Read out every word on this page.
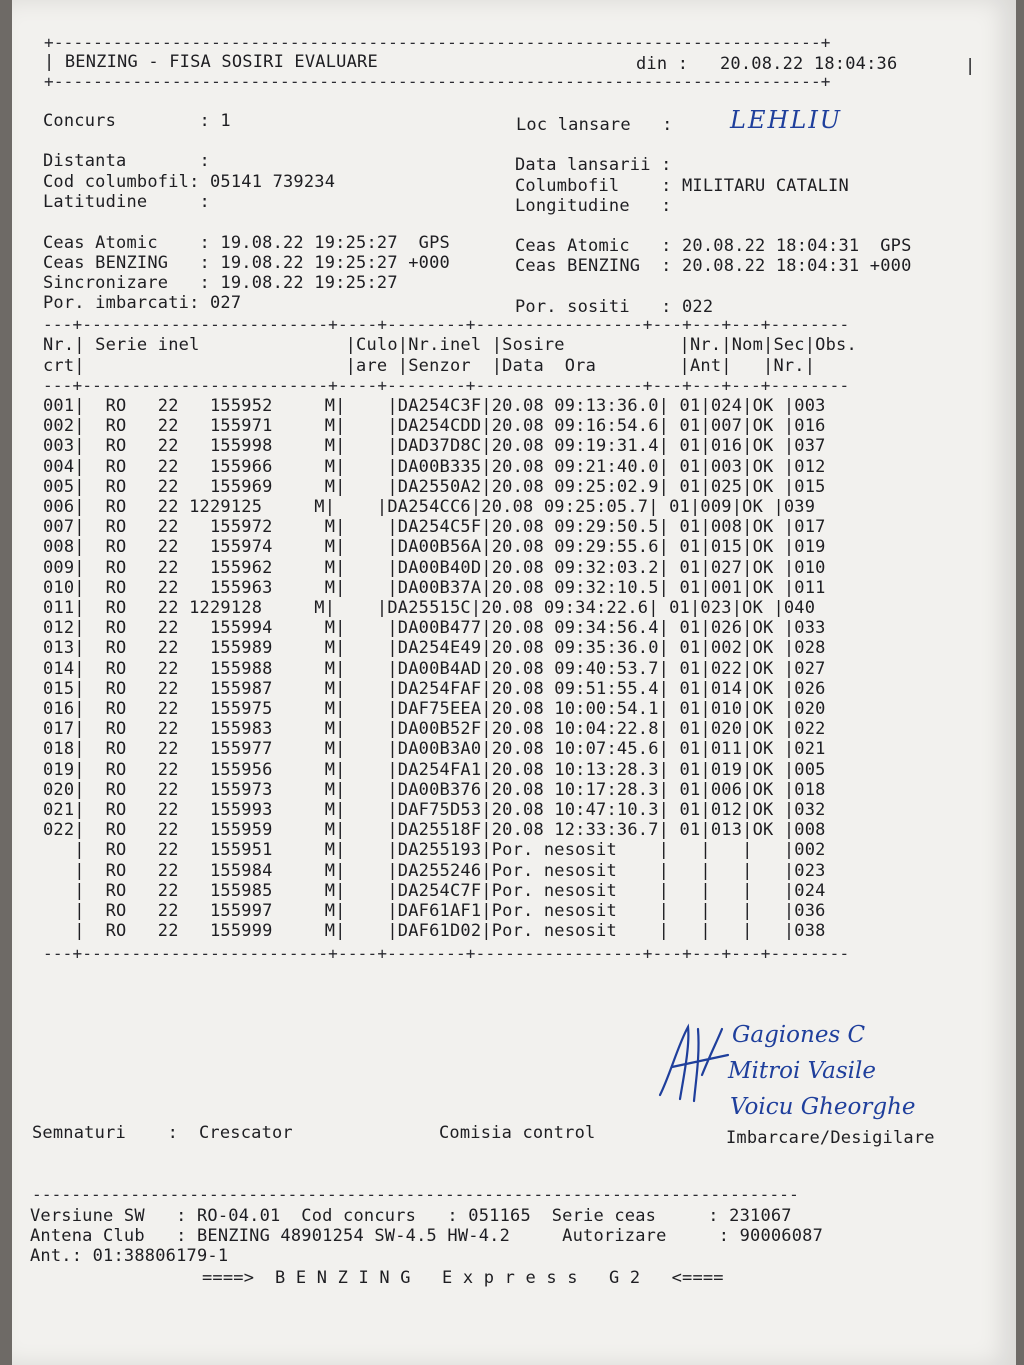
+------------------------------------------------------------------------------+
| BENZING - FISA SOSIRI EVALUARE	din : 20.08.22 18:04:36	|
+------------------------------------------------------------------------------+
Concurs        : 1	Loc lansare   : LEHLIU
Distanta       :	Data lansarii :
Cod columbofil: 05141 739234	Columbofil    : MILITARU CATALIN
Latitudine     :	Longitudine   :
Ceas Atomic    : 19.08.22 19:25:27  GPS	Ceas Atomic   : 20.08.22 18:04:31  GPS
Ceas BENZING   : 19.08.22 19:25:27 +000	Ceas BENZING  : 20.08.22 18:04:31 +000
Sincronizare   : 19.08.22 19:25:27
Por. imbarcati: 027	Por. sositi   : 022
---+-------------------------+----+--------+-----------------+---+---+---+--------
Nr.| Serie inel              |Culo|Nr.inel |Sosire           |Nr.|Nom|Sec|Obs.
crt|                         |are |Senzor  |Data  Ora        |Ant|   |Nr.|
---+-------------------------+----+--------+-----------------+---+---+---+--------
001|  RO   22   155952     M|    |DA254C3F|20.08 09:13:36.0| 01|024|OK |003
002|  RO   22   155971     M|    |DA254CDD|20.08 09:16:54.6| 01|007|OK |016
003|  RO   22   155998     M|    |DAD37D8C|20.08 09:19:31.4| 01|016|OK |037
004|  RO   22   155966     M|    |DA00B335|20.08 09:21:40.0| 01|003|OK |012
005|  RO   22   155969     M|    |DA2550A2|20.08 09:25:02.9| 01|025|OK |015
006|  RO   22 1229125     M|    |DA254CC6|20.08 09:25:05.7| 01|009|OK |039
007|  RO   22   155972     M|    |DA254C5F|20.08 09:29:50.5| 01|008|OK |017
008|  RO   22   155974     M|    |DA00B56A|20.08 09:29:55.6| 01|015|OK |019
009|  RO   22   155962     M|    |DA00B40D|20.08 09:32:03.2| 01|027|OK |010
010|  RO   22   155963     M|    |DA00B37A|20.08 09:32:10.5| 01|001|OK |011
011|  RO   22 1229128     M|    |DA25515C|20.08 09:34:22.6| 01|023|OK |040
012|  RO   22   155994     M|    |DA00B477|20.08 09:34:56.4| 01|026|OK |033
013|  RO   22   155989     M|    |DA254E49|20.08 09:35:36.0| 01|002|OK |028
014|  RO   22   155988     M|    |DA00B4AD|20.08 09:40:53.7| 01|022|OK |027
015|  RO   22   155987     M|    |DA254FAF|20.08 09:51:55.4| 01|014|OK |026
016|  RO   22   155975     M|    |DAF75EEA|20.08 10:00:54.1| 01|010|OK |020
017|  RO   22   155983     M|    |DA00B52F|20.08 10:04:22.8| 01|020|OK |022
018|  RO   22   155977     M|    |DA00B3A0|20.08 10:07:45.6| 01|011|OK |021
019|  RO   22   155956     M|    |DA254FA1|20.08 10:13:28.3| 01|019|OK |005
020|  RO   22   155973     M|    |DA00B376|20.08 10:17:28.3| 01|006|OK |018
021|  RO   22   155993     M|    |DAF75D53|20.08 10:47:10.3| 01|012|OK |032
022|  RO   22   155959     M|    |DA25518F|20.08 12:33:36.7| 01|013|OK |008
|  RO   22   155951     M|    |DA255193|Por. nesosit    |   |   |   |002
|  RO   22   155984     M|    |DA255246|Por. nesosit    |   |   |   |023
|  RO   22   155985     M|    |DA254C7F|Por. nesosit    |   |   |   |024
|  RO   22   155997     M|    |DAF61AF1|Por. nesosit    |   |   |   |036
|  RO   22   155999     M|    |DAF61D02|Por. nesosit    |   |   |   |038
---+-------------------------+----+--------+-----------------+---+---+---+--------
Gagiones C
Mitroi Vasile
Voicu Gheorghe
Semnaturi    :  Crescator              Comisia control	Imbarcare/Desigilare
------------------------------------------------------------------------------
Versiune SW   : RO-04.01  Cod concurs   : 051165  Serie ceas     : 231067
Antena Club   : BENZING 48901254 SW-4.5 HW-4.2     Autorizare     : 90006087
Ant.: 01:38806179-1
====>  B E N Z I N G   E x p r e s s   G 2   <====
